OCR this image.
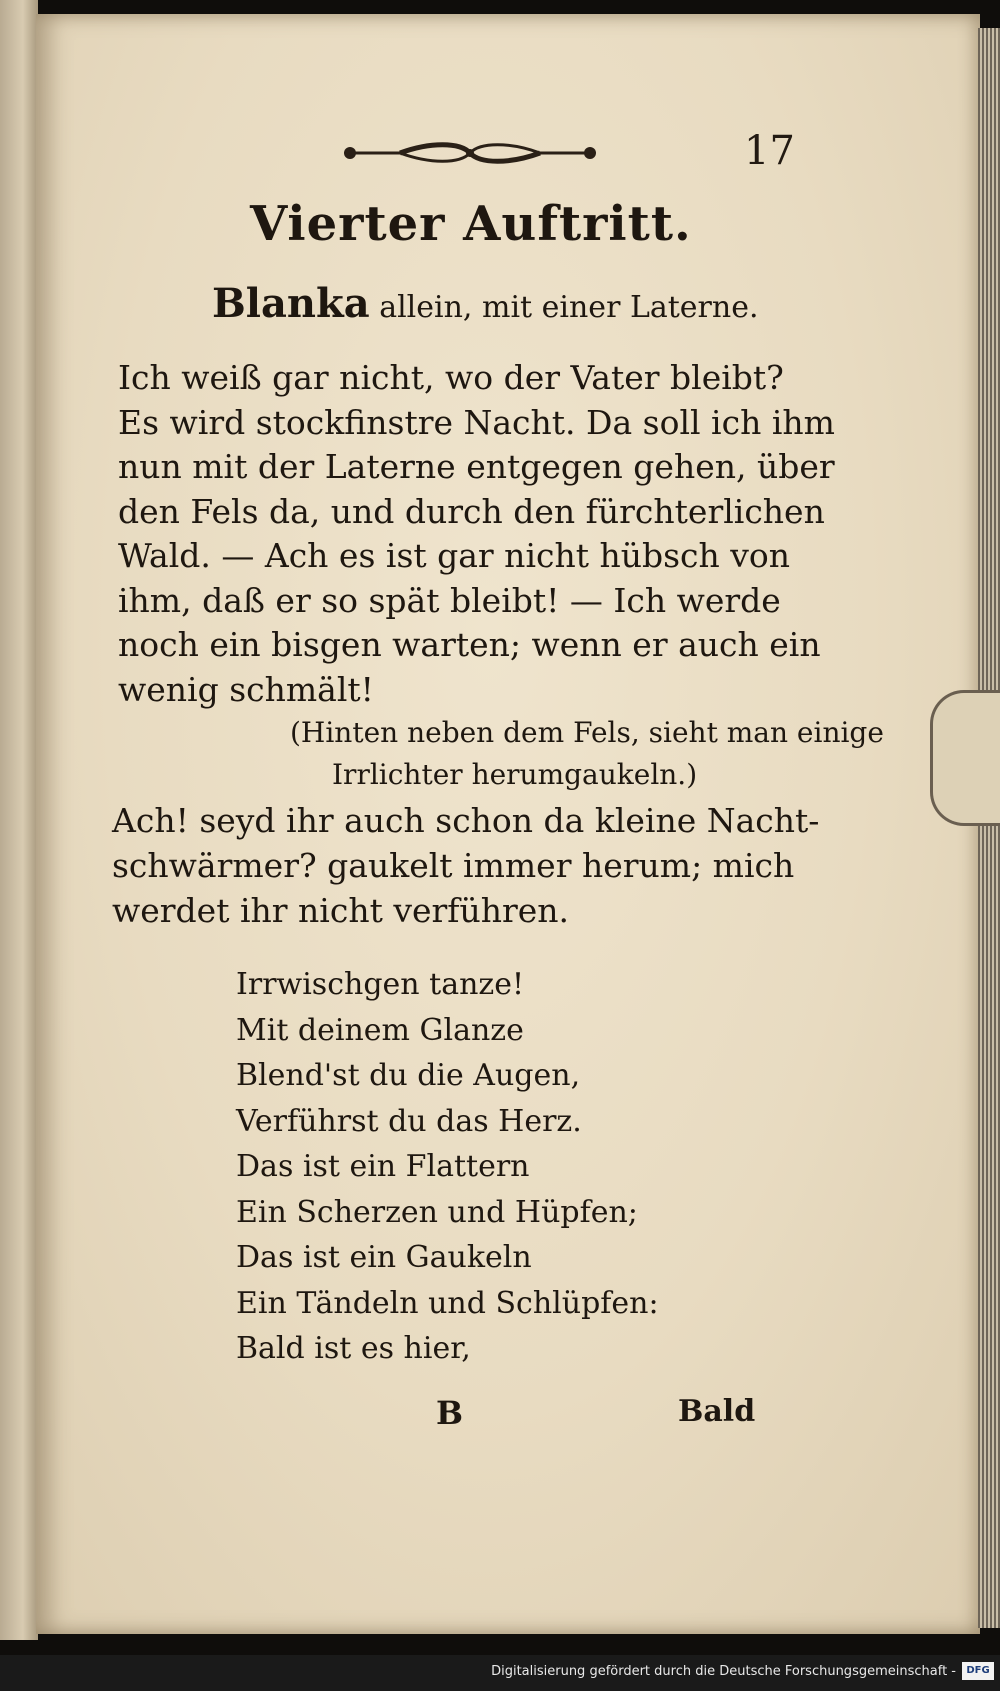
17
Vierter Auftritt.
Blanka allein, mit einer Laterne.
Ich weiß gar nicht, wo der Vater bleibt?
Es wird stockfinstre Nacht. Da soll ich ihm
nun mit der Laterne entgegen gehen, über
den Fels da, und durch den fürchterlichen
Wald. — Ach es ist gar nicht hübsch von
ihm, daß er so spät bleibt! — Ich werde
noch ein bisgen warten; wenn er auch ein
wenig schmält!
(Hinten neben dem Fels, sieht man einige
Irrlichter herumgaukeln.)
Ach! seyd ihr auch schon da kleine Nacht-
schwärmer? gaukelt immer herum; mich
werdet ihr nicht verführen.
Irrwischgen tanze!
Mit deinem Glanze
Blend'st du die Augen,
Verführst du das Herz.
Das ist ein Flattern
Ein Scherzen und Hüpfen;
Das ist ein Gaukeln
Ein Tändeln und Schlüpfen:
Bald ist es hier,
B	Bald
Digitalisierung gefördert durch die Deutsche Forschungsgemeinschaft -	DFG
